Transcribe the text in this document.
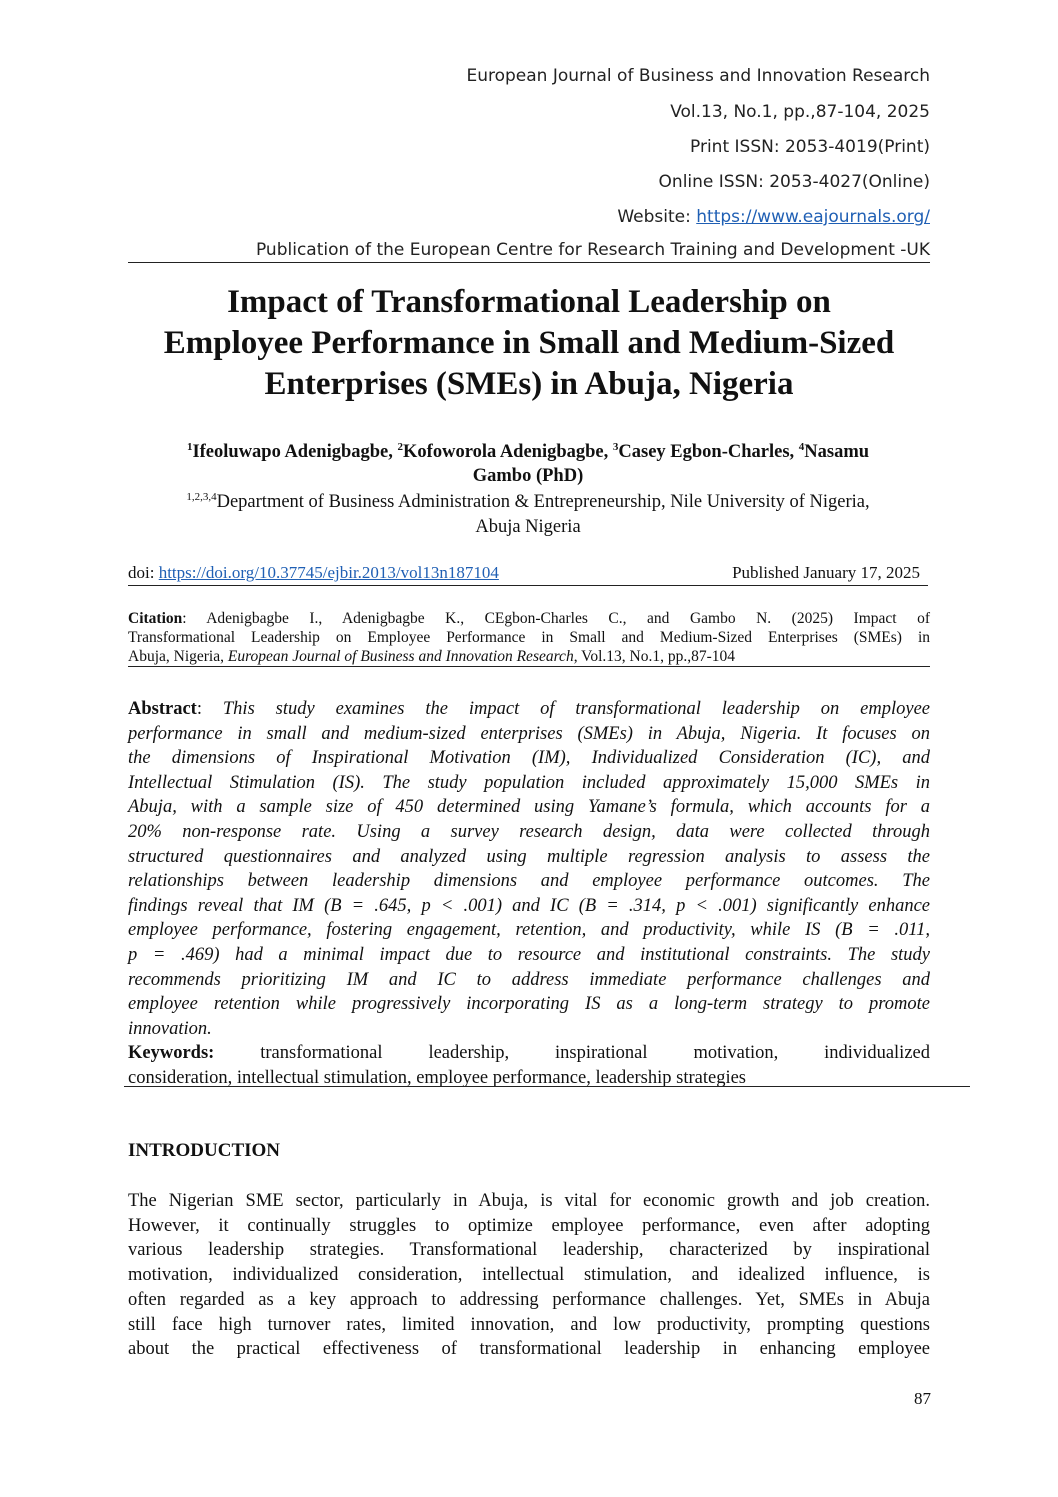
European Journal of Business and Innovation Research
Vol.13, No.1, pp.,87-104, 2025
Print ISSN: 2053-4019(Print)
Online ISSN: 2053-4027(Online)
Website: https://www.eajournals.org/
Publication of the European Centre for Research Training and Development -UK
Impact of Transformational Leadership on
Employee Performance in Small and Medium-Sized
Enterprises (SMEs) in Abuja, Nigeria
$^1$Ifeoluwapo Adenigbagbe, $^2$Kofoworola Adenigbagbe, $^3$Casey Egbon-Charles, $^4$Nasamu
Gambo (PhD)
$^{1,2,3,4}$Department of Business Administration & Entrepreneurship, Nile University of Nigeria,
Abuja Nigeria
doi: https://doi.org/10.37745/ejbir.2013/vol13n187104	Published January 17, 2025
Citation: Adenigbagbe I., Adenigbagbe K., CEgbon-Charles C., and Gambo N. (2025) Impact of
Transformational Leadership on Employee Performance in Small and Medium-Sized Enterprises (SMEs) in
Abuja, Nigeria, European Journal of Business and Innovation Research, Vol.13, No.1, pp.,87-104
Abstract: This study examines the impact of transformational leadership on employee
performance in small and medium-sized enterprises (SMEs) in Abuja, Nigeria. It focuses on
the dimensions of Inspirational Motivation (IM), Individualized Consideration (IC), and
Intellectual Stimulation (IS). The study population included approximately 15,000 SMEs in
Abuja, with a sample size of 450 determined using Yamane’s formula, which accounts for a
20% non-response rate. Using a survey research design, data were collected through
structured questionnaires and analyzed using multiple regression analysis to assess the
relationships between leadership dimensions and employee performance outcomes. The
findings reveal that IM (B = .645, p < .001) and IC (B = .314, p < .001) significantly enhance
employee performance, fostering engagement, retention, and productivity, while IS (B = .011,
p = .469) had a minimal impact due to resource and institutional constraints. The study
recommends prioritizing IM and IC to address immediate performance challenges and
employee retention while progressively incorporating IS as a long-term strategy to promote
innovation.
Keywords: transformational leadership, inspirational motivation, individualized
consideration, intellectual stimulation, employee performance, leadership strategies
INTRODUCTION
The Nigerian SME sector, particularly in Abuja, is vital for economic growth and job creation.
However, it continually struggles to optimize employee performance, even after adopting
various leadership strategies. Transformational leadership, characterized by inspirational
motivation, individualized consideration, intellectual stimulation, and idealized influence, is
often regarded as a key approach to addressing performance challenges. Yet, SMEs in Abuja
still face high turnover rates, limited innovation, and low productivity, prompting questions
about the practical effectiveness of transformational leadership in enhancing employee
87
